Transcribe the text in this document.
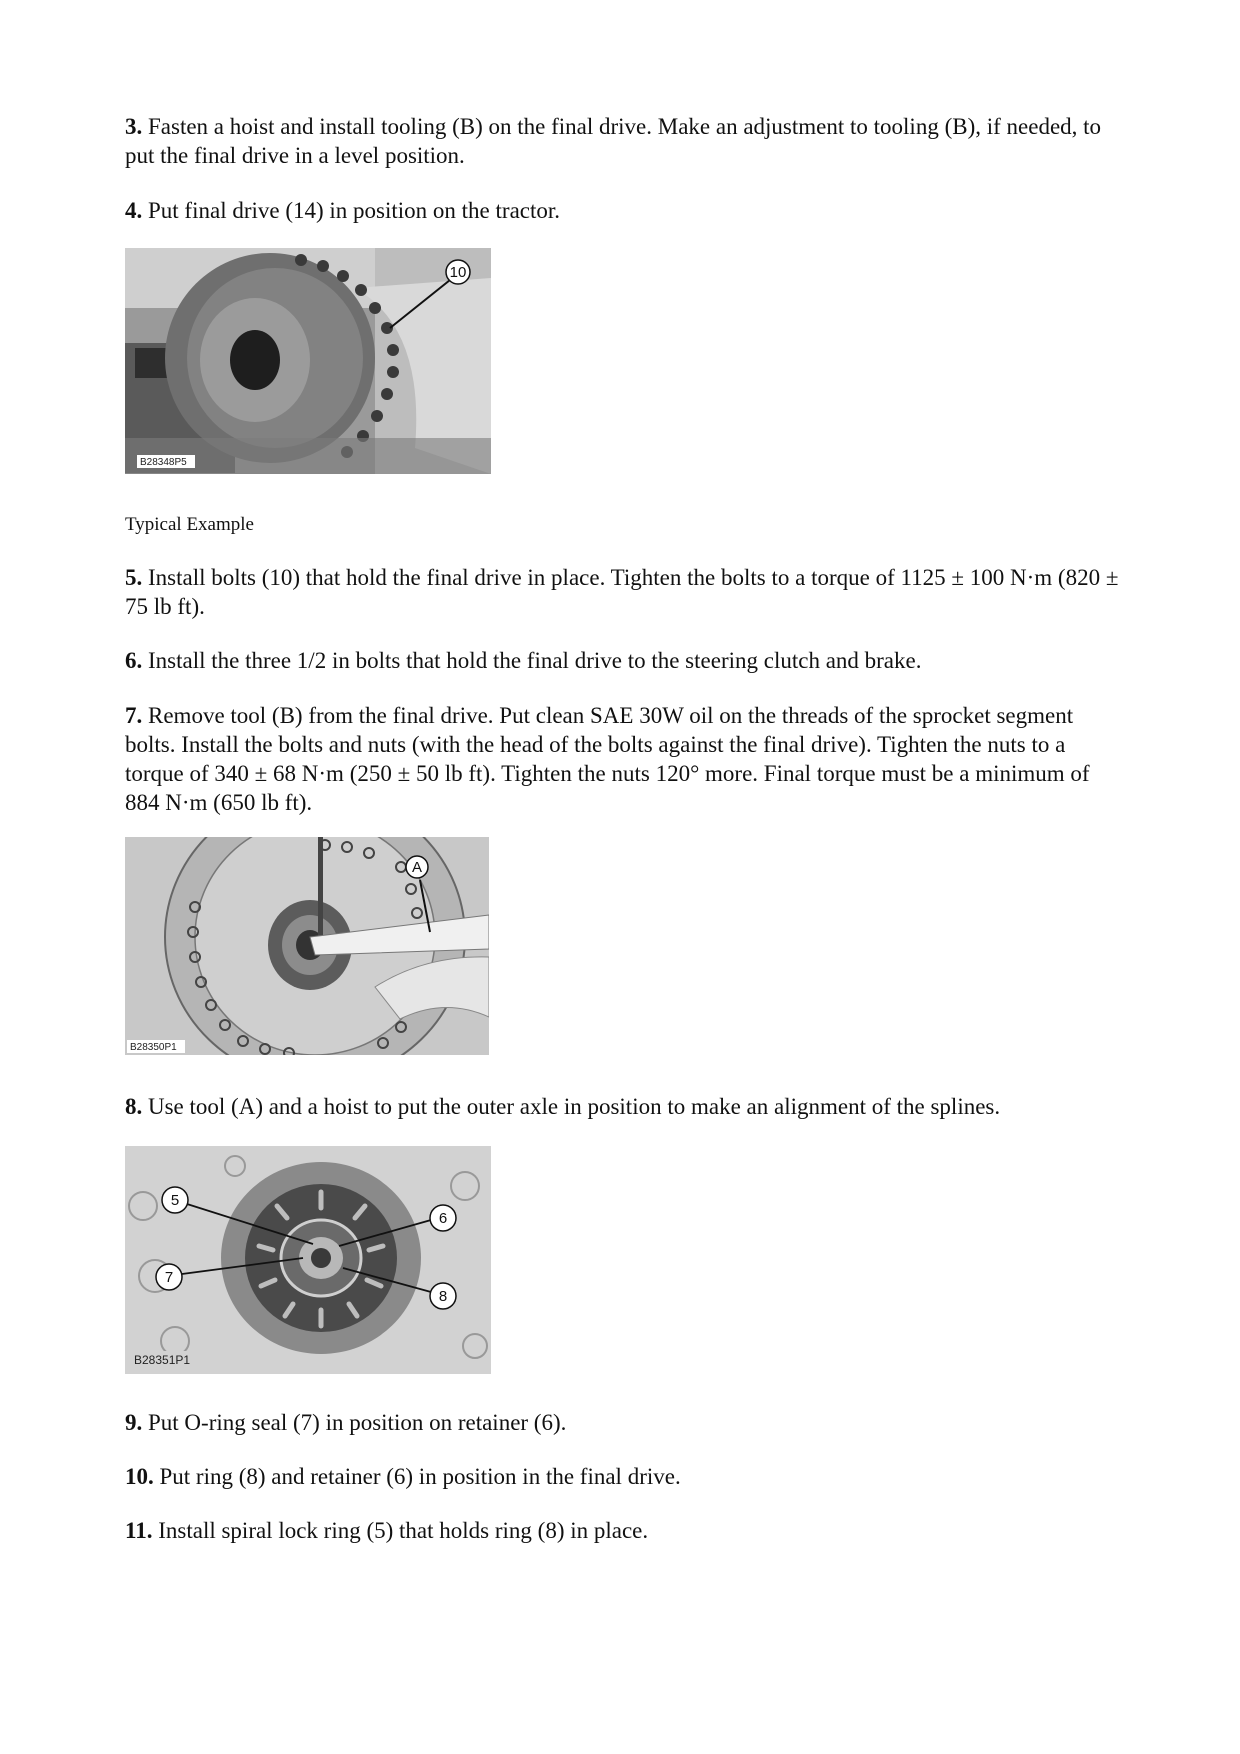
3. Fasten a hoist and install tooling (B) on the final drive. Make an adjustment to tooling (B), if needed, to put the final drive in a level position.

4. Put final drive (14) in position on the tractor.

10
B28348P5

Typical Example

5. Install bolts (10) that hold the final drive in place. Tighten the bolts to a torque of 1125 ± 100 N·m (820 ± 75 lb ft).

6. Install the three 1/2 in bolts that hold the final drive to the steering clutch and brake.

7. Remove tool (B) from the final drive. Put clean SAE 30W oil on the threads of the sprocket segment bolts. Install the bolts and nuts (with the head of the bolts against the final drive). Tighten the nuts to a torque of 340 ± 68 N·m (250 ± 50 lb ft). Tighten the nuts 120° more. Final torque must be a minimum of 884 N·m (650 lb ft).

A
B28350P1

8. Use tool (A) and a hoist to put the outer axle in position to make an alignment of the splines.

5
6
7
8
B28351P1

9. Put O-ring seal (7) in position on retainer (6).

10. Put ring (8) and retainer (6) in position in the final drive.

11. Install spiral lock ring (5) that holds ring (8) in place.
